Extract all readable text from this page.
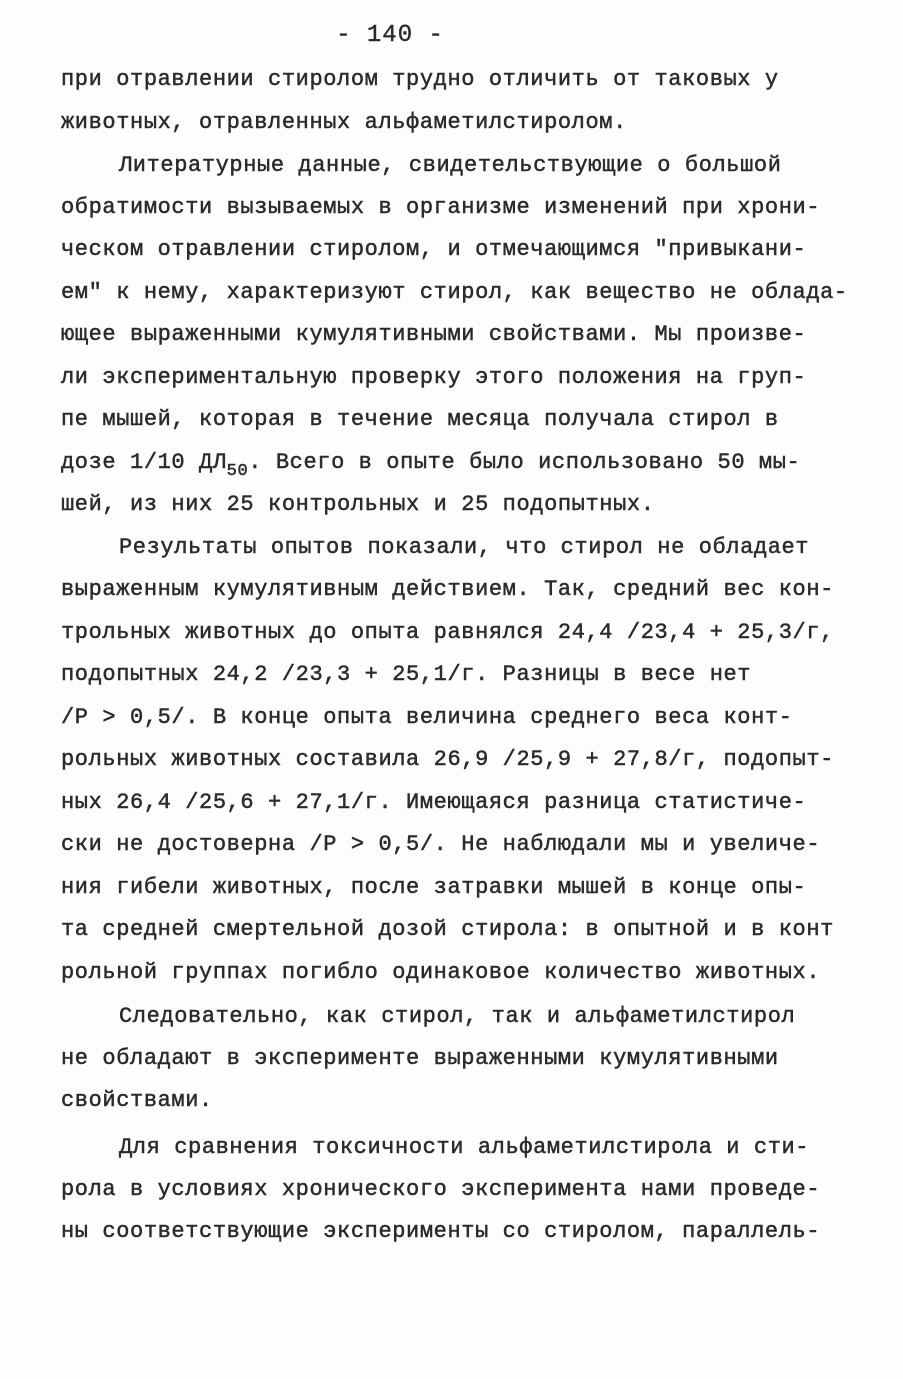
- 140 -
при отравлении стиролом трудно отличить от таковых у
животных, отравленных альфаметилстиролом.
Литературные данные, свидетельствующие о большой
обратимости вызываемых в организме изменений при хрони-
ческом отравлении стиролом, и отмечающимся "привыкани-
ем" к нему, характеризуют стирол, как вещество не облада-
ющее выраженными кумулятивными свойствами. Мы произве-
ли экспериментальную проверку этого положения на груп-
пе мышей, которая в течение месяца получала стирол в
дозе 1/10 $ДЛ_{50}$. Всего в опыте было использовано 50 мы-
шей, из них 25 контрольных и 25 подопытных.
Результаты опытов показали, что стирол не обладает
выраженным кумулятивным действием. Так, средний вес кон-
трольных животных до опыта равнялся 24,4 /23,4 + 25,3/г,
подопытных 24,2 /23,3 + 25,1/г. Разницы в весе нет
/Р > 0,5/. В конце опыта величина среднего веса конт-
рольных животных составила 26,9 /25,9 + 27,8/г, подопыт-
ных 26,4 /25,6 + 27,1/г. Имеющаяся разница статистиче-
ски не достоверна /Р > 0,5/. Не наблюдали мы и увеличе-
ния гибели животных, после затравки мышей в конце опы-
та средней смертельной дозой стирола: в опытной и в конт
рольной группах погибло одинаковое количество животных.
Следовательно, как стирол, так и альфаметилстирол
не обладают в эксперименте выраженными кумулятивными
свойствами.
Для сравнения токсичности альфаметилстирола и сти-
рола в условиях хронического эксперимента нами проведе-
ны соответствующие эксперименты со стиролом, параллель-
